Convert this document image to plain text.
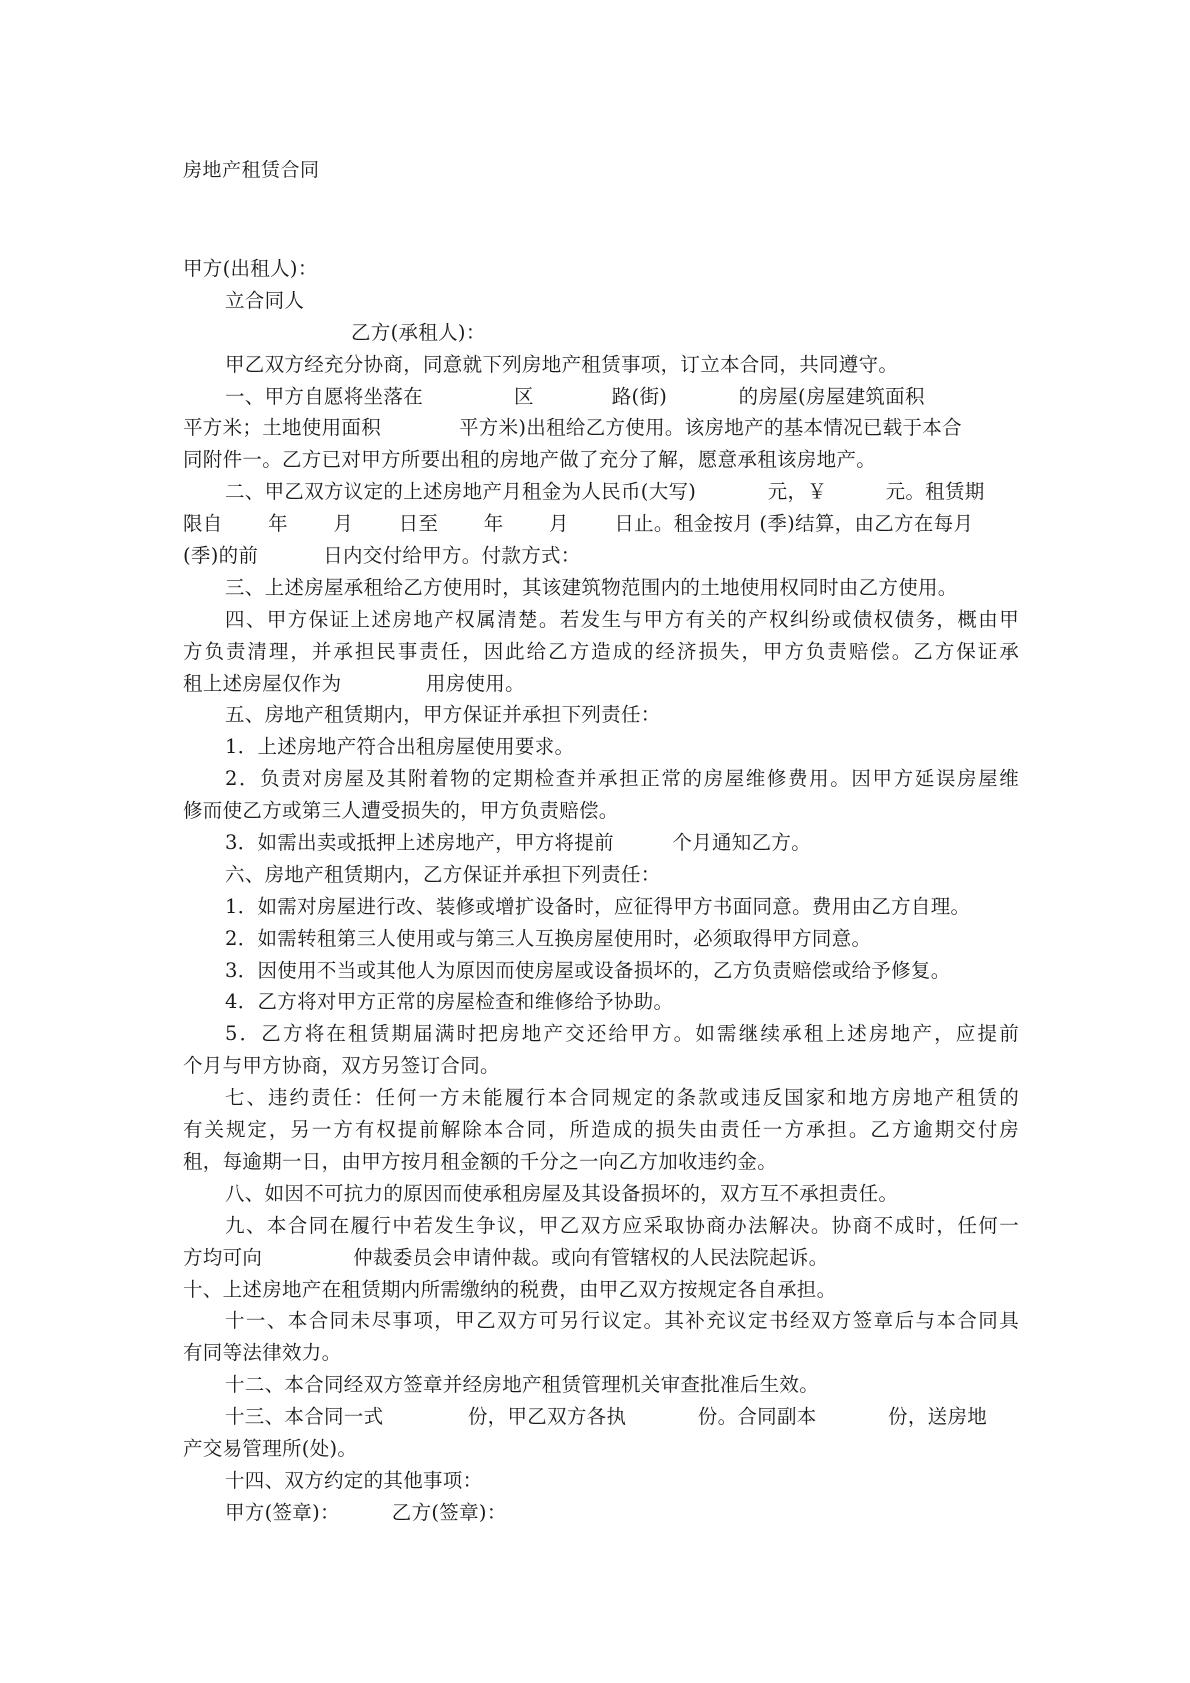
房地产租赁合同
甲方(出租人)：
立合同人
乙方(承租人)：
甲乙双方经充分协商，同意就下列房地产租赁事项，订立本合同，共同遵守。
一、甲方自愿将坐落在              区            路(街)           的房屋(房屋建筑面积
平方米；土地使用面积            平方米)出租给乙方使用。该房地产的基本情况已载于本合
同附件一。乙方已对甲方所要出租的房地产做了充分了解，愿意承租该房地产。
二、甲乙双方议定的上述房地产月租金为人民币(大写)           元，￥         元。租赁期
限自       年       月       日至       年       月       日止。租金按月 (季)结算，由乙方在每月
(季)的前          日内交付给甲方。付款方式：
三、上述房屋承租给乙方使用时，其该建筑物范围内的土地使用权同时由乙方使用。
四、甲方保证上述房地产权属清楚。若发生与甲方有关的产权纠纷或债权债务，概由甲
方负责清理，并承担民事责任，因此给乙方造成的经济损失，甲方负责赔偿。乙方保证承
租上述房屋仅作为             用房使用。
五、房地产租赁期内，甲方保证并承担下列责任：
1．上述房地产符合出租房屋使用要求。
2．负责对房屋及其附着物的定期检查并承担正常的房屋维修费用。因甲方延误房屋维
修而使乙方或第三人遭受损失的，甲方负责赔偿。
3．如需出卖或抵押上述房地产，甲方将提前         个月通知乙方。
六、房地产租赁期内，乙方保证并承担下列责任：
1．如需对房屋进行改、装修或增扩设备时，应征得甲方书面同意。费用由乙方自理。
2．如需转租第三人使用或与第三人互换房屋使用时，必须取得甲方同意。
3．因使用不当或其他人为原因而使房屋或设备损坏的，乙方负责赔偿或给予修复。
4．乙方将对甲方正常的房屋检查和维修给予协助。
5．乙方将在租赁期届满时把房地产交还给甲方。如需继续承租上述房地产，应提前
个月与甲方协商，双方另签订合同。
七、违约责任：任何一方未能履行本合同规定的条款或违反国家和地方房地产租赁的
有关规定，另一方有权提前解除本合同，所造成的损失由责任一方承担。乙方逾期交付房
租，每逾期一日，由甲方按月租金额的千分之一向乙方加收违约金。
八、如因不可抗力的原因而使承租房屋及其设备损坏的，双方互不承担责任。
九、本合同在履行中若发生争议，甲乙双方应采取协商办法解决。协商不成时，任何一
方均可向              仲裁委员会申请仲裁。或向有管辖权的人民法院起诉。
十、上述房地产在租赁期内所需缴纳的税费，由甲乙双方按规定各自承担。
十一、本合同未尽事项，甲乙双方可另行议定。其补充议定书经双方签章后与本合同具
有同等法律效力。
十二、本合同经双方签章并经房地产租赁管理机关审查批准后生效。
十三、本合同一式             份，甲乙双方各执           份。合同副本           份，送房地
产交易管理所(处)。
十四、双方约定的其他事项：
甲方(签章)：        乙方(签章)：
